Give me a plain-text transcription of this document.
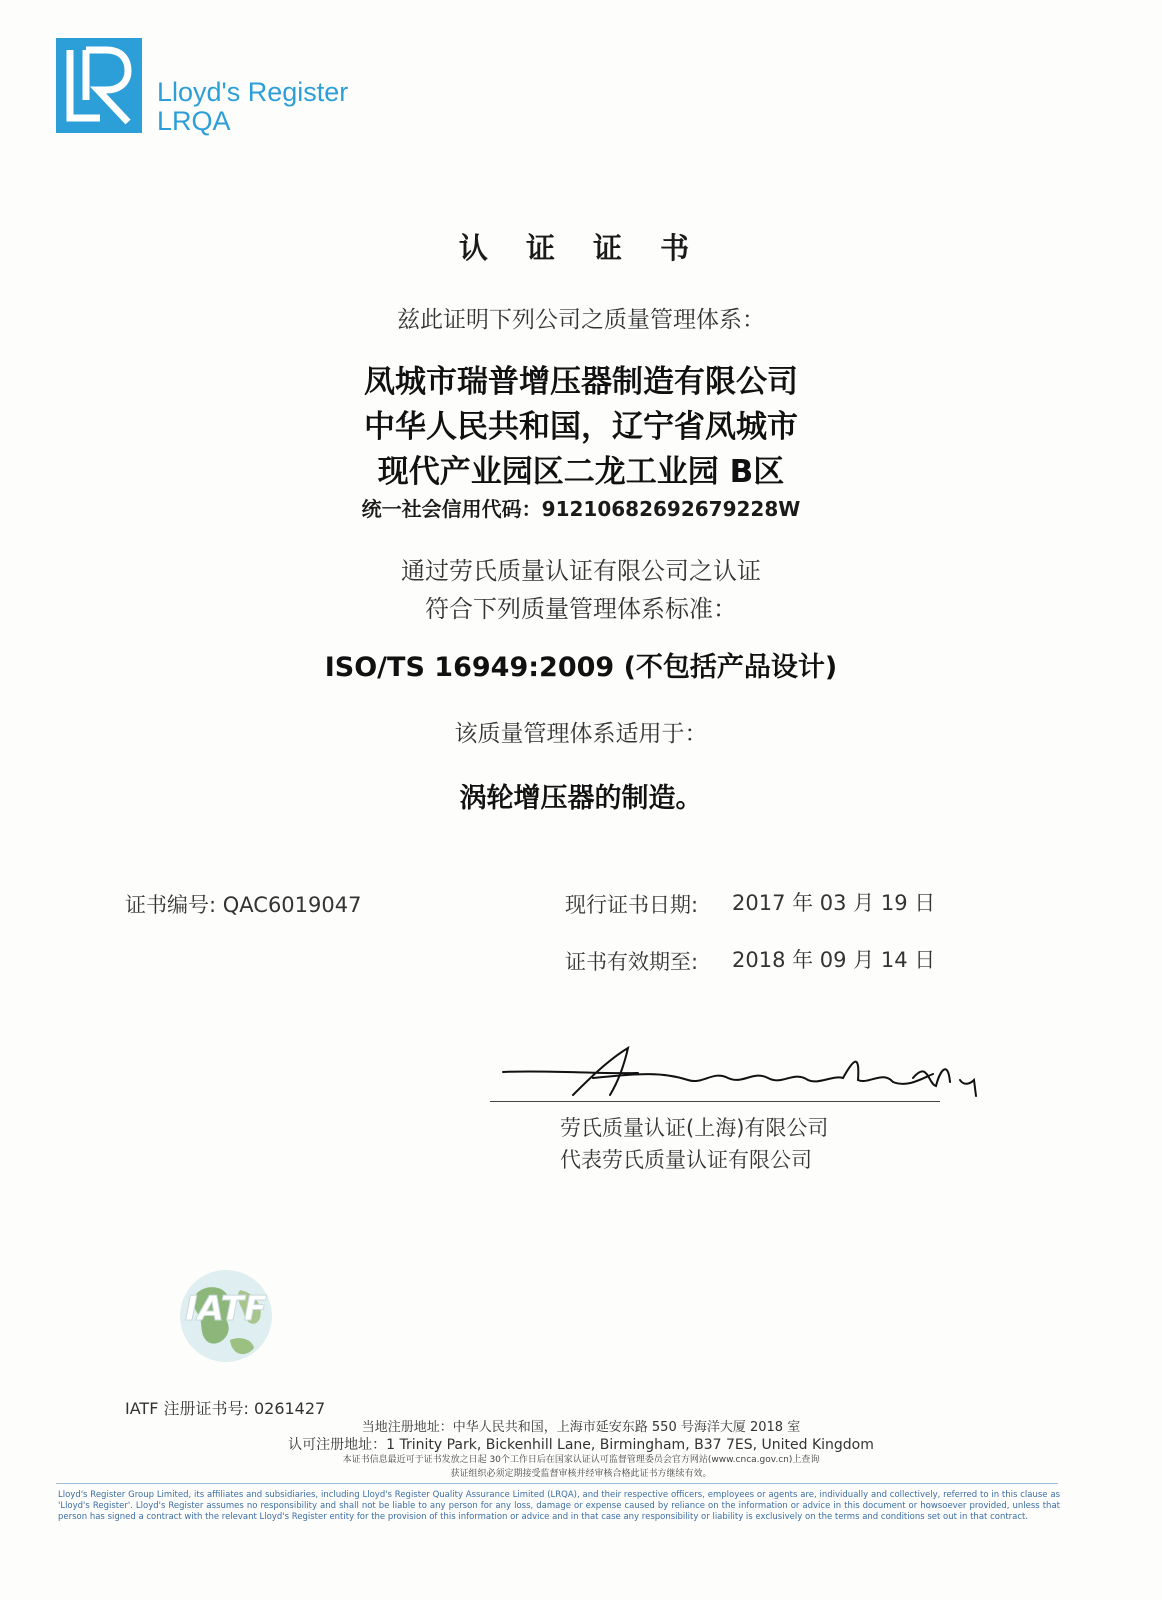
Lloyd's Register
LRQA
认 证 证 书
兹此证明下列公司之质量管理体系：
凤城市瑞普增压器制造有限公司
中华人民共和国，辽宁省凤城市
现代产业园区二龙工业园 B区
统一社会信用代码：91210682692679228W
通过劳氏质量认证有限公司之认证
符合下列质量管理体系标准：
ISO/TS 16949:2009 (不包括产品设计)
该质量管理体系适用于：
涡轮增压器的制造。
证书编号: QAC6019047	现行证书日期: 2017 年 03 月 19 日
证书有效期至: 2018 年 09 月 14 日
劳氏质量认证(上海)有限公司
代表劳氏质量认证有限公司
IATF
IATF 注册证书号: 0261427
当地注册地址：中华人民共和国，上海市延安东路 550 号海洋大厦 2018 室
认可注册地址：1 Trinity Park, Bickenhill Lane, Birmingham, B37 7ES, United Kingdom
本证书信息最近可于证书发放之日起 30个工作日后在国家认证认可监督管理委员会官方网站(www.cnca.gov.cn)上查询
获证组织必须定期接受监督审核并经审核合格此证书方继续有效。
Lloyd's Register Group Limited, its affiliates and subsidiaries, including Lloyd's Register Quality Assurance Limited (LRQA), and their respective officers, employees or agents are, individually and collectively, referred to in this clause as 'Lloyd's Register'. Lloyd's Register assumes no responsibility and shall not be liable to any person for any loss, damage or expense caused by reliance on the information or advice in this document or howsoever provided, unless that person has signed a contract with the relevant Lloyd's Register entity for the provision of this information or advice and in that case any responsibility or liability is exclusively on the terms and conditions set out in that contract.
